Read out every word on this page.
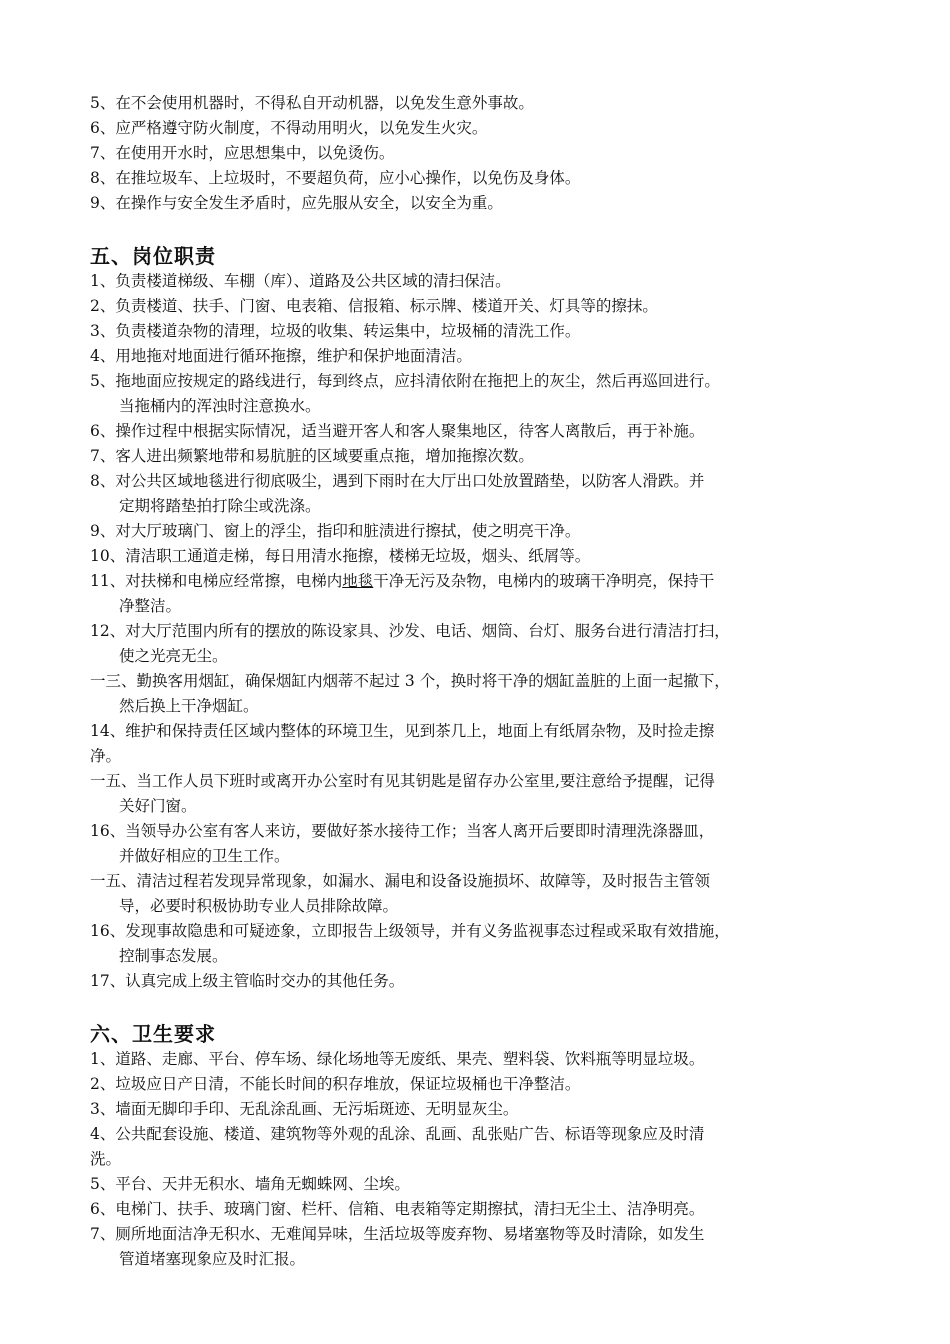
5、在不会使用机器时，不得私自开动机器，以免发生意外事故。

6、应严格遵守防火制度，不得动用明火，以免发生火灾。

7、在使用开水时，应思想集中，以免烫伤。

8、在推垃圾车、上垃圾时，不要超负荷，应小心操作，以免伤及身体。

9、在操作与安全发生矛盾时，应先服从安全，以安全为重。

五、岗位职责

1、负责楼道梯级、车棚（库）、道路及公共区域的清扫保洁。

2、负责楼道、扶手、门窗、电表箱、信报箱、标示牌、楼道开关、灯具等的擦抹。

3、负责楼道杂物的清理，垃圾的收集、转运集中，垃圾桶的清洗工作。

4、用地拖对地面进行循环拖擦，维护和保护地面清洁。

5、拖地面应按规定的路线进行，每到终点，应抖清依附在拖把上的灰尘，然后再巡回进行。
当拖桶内的浑浊时注意换水。

6、操作过程中根据实际情况，适当避开客人和客人聚集地区，待客人离散后，再于补施。

7、客人进出频繁地带和易肮脏的区域要重点拖，增加拖擦次数。

8、对公共区域地毯进行彻底吸尘，遇到下雨时在大厅出口处放置踏垫，以防客人滑跌。并
定期将踏垫拍打除尘或洗涤。

9、对大厅玻璃门、窗上的浮尘，指印和脏渍进行擦拭，使之明亮干净。

10、清洁职工通道走梯，每日用清水拖擦，楼梯无垃圾，烟头、纸屑等。

11、对扶梯和电梯应经常擦，电梯内地毯干净无污及杂物，电梯内的玻璃干净明亮，保持干
净整洁。

12、对大厅范围内所有的摆放的陈设家具、沙发、电话、烟筒、台灯、服务台进行清洁打扫，
使之光亮无尘。

一三、勤换客用烟缸，确保烟缸内烟蒂不起过 3 个，换时将干净的烟缸盖脏的上面一起撤下，
然后换上干净烟缸。

14、维护和保持责任区域内整体的环境卫生，见到茶几上，地面上有纸屑杂物，及时捡走擦
净。

一五、当工作人员下班时或离开办公室时有见其钥匙是留存办公室里,要注意给予提醒，记得
关好门窗。

16、当领导办公室有客人来访，要做好茶水接待工作；当客人离开后要即时清理洗涤器皿，
并做好相应的卫生工作。

一五、清洁过程若发现异常现象，如漏水、漏电和设备设施损坏、故障等，及时报告主管领
导，必要时积极协助专业人员排除故障。

16、发现事故隐患和可疑迹象，立即报告上级领导，并有义务监视事态过程或采取有效措施，
控制事态发展。

17、认真完成上级主管临时交办的其他任务。

六、卫生要求

1、道路、走廊、平台、停车场、绿化场地等无废纸、果壳、塑料袋、饮料瓶等明显垃圾。

2、垃圾应日产日清，不能长时间的积存堆放，保证垃圾桶也干净整洁。

3、墙面无脚印手印、无乱涂乱画、无污垢斑迹、无明显灰尘。

4、公共配套设施、楼道、建筑物等外观的乱涂、乱画、乱张贴广告、标语等现象应及时清
洗。

5、平台、天井无积水、墙角无蜘蛛网、尘埃。

6、电梯门、扶手、玻璃门窗、栏杆、信箱、电表箱等定期擦拭，清扫无尘土、洁净明亮。

7、厕所地面洁净无积水、无难闻异味，生活垃圾等废弃物、易堵塞物等及时清除，如发生
管道堵塞现象应及时汇报。
